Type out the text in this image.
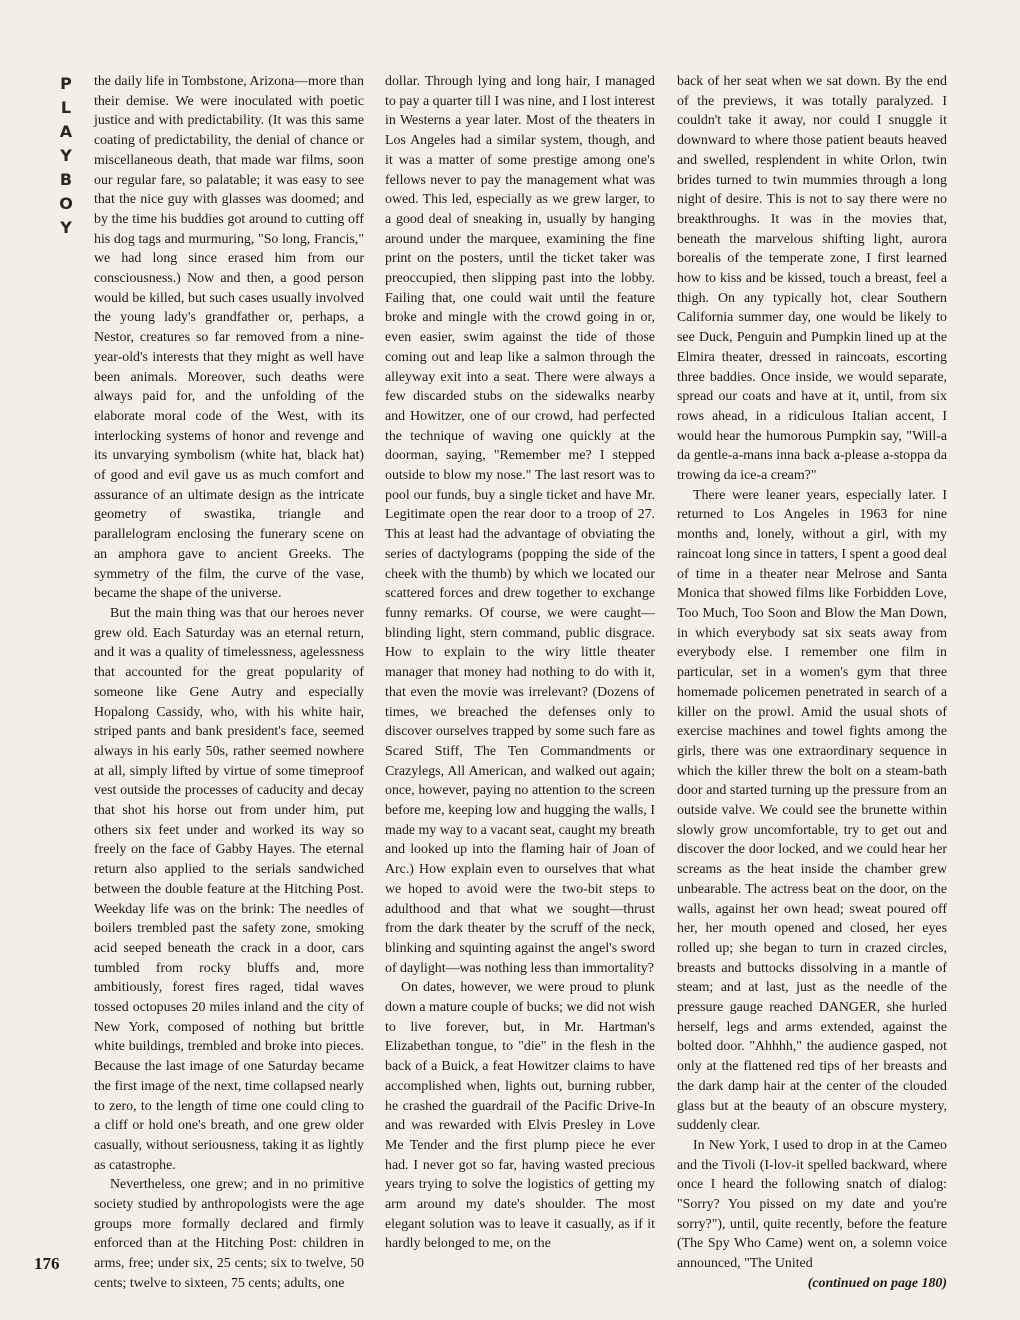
P
L
A
Y
B
O
Y
176

the daily life in Tombstone, Arizona—more than their demise. We were inoculated with poetic justice and with predictability. (It was this same coating of predictability, the denial of chance or miscellaneous death, that made war films, soon our regular fare, so palatable; it was easy to see that the nice guy with glasses was doomed; and by the time his buddies got around to cutting off his dog tags and murmuring, "So long, Francis," we had long since erased him from our consciousness.) Now and then, a good person would be killed, but such cases usually involved the young lady's grandfather or, perhaps, a Nestor, creatures so far removed from a nine-year-old's interests that they might as well have been animals. Moreover, such deaths were always paid for, and the unfolding of the elaborate moral code of the West, with its interlocking systems of honor and revenge and its unvarying symbolism (white hat, black hat) of good and evil gave us as much comfort and assurance of an ultimate design as the intricate geometry of swastika, triangle and parallelogram enclosing the funerary scene on an amphora gave to ancient Greeks. The symmetry of the film, the curve of the vase, became the shape of the universe.

But the main thing was that our heroes never grew old. Each Saturday was an eternal return, and it was a quality of timelessness, agelessness that accounted for the great popularity of someone like Gene Autry and especially Hopalong Cassidy, who, with his white hair, striped pants and bank president's face, seemed always in his early 50s, rather seemed nowhere at all, simply lifted by virtue of some timeproof vest outside the processes of caducity and decay that shot his horse out from under him, put others six feet under and worked its way so freely on the face of Gabby Hayes. The eternal return also applied to the serials sandwiched between the double feature at the Hitching Post. Weekday life was on the brink: The needles of boilers trembled past the safety zone, smoking acid seeped beneath the crack in a door, cars tumbled from rocky bluffs and, more ambitiously, forest fires raged, tidal waves tossed octopuses 20 miles inland and the city of New York, composed of nothing but brittle white buildings, trembled and broke into pieces. Because the last image of one Saturday became the first image of the next, time collapsed nearly to zero, to the length of time one could cling to a cliff or hold one's breath, and one grew older casually, without seriousness, taking it as lightly as catastrophe.

Nevertheless, one grew; and in no primitive society studied by anthropologists were the age groups more formally declared and firmly enforced than at the Hitching Post: children in arms, free; under six, 25 cents; six to twelve, 50 cents; twelve to sixteen, 75 cents; adults, one

dollar. Through lying and long hair, I managed to pay a quarter till I was nine, and I lost interest in Westerns a year later. Most of the theaters in Los Angeles had a similar system, though, and it was a matter of some prestige among one's fellows never to pay the management what was owed. This led, especially as we grew larger, to a good deal of sneaking in, usually by hanging around under the marquee, examining the fine print on the posters, until the ticket taker was preoccupied, then slipping past into the lobby. Failing that, one could wait until the feature broke and mingle with the crowd going in or, even easier, swim against the tide of those coming out and leap like a salmon through the alleyway exit into a seat. There were always a few discarded stubs on the sidewalks nearby and Howitzer, one of our crowd, had perfected the technique of waving one quickly at the doorman, saying, "Remember me? I stepped outside to blow my nose." The last resort was to pool our funds, buy a single ticket and have Mr. Legitimate open the rear door to a troop of 27. This at least had the advantage of obviating the series of dactylograms (popping the side of the cheek with the thumb) by which we located our scattered forces and drew together to exchange funny remarks. Of course, we were caught—blinding light, stern command, public disgrace. How to explain to the wiry little theater manager that money had nothing to do with it, that even the movie was irrelevant? (Dozens of times, we breached the defenses only to discover ourselves trapped by some such fare as Scared Stiff, The Ten Commandments or Crazylegs, All American, and walked out again; once, however, paying no attention to the screen before me, keeping low and hugging the walls, I made my way to a vacant seat, caught my breath and looked up into the flaming hair of Joan of Arc.) How explain even to ourselves that what we hoped to avoid were the two-bit steps to adulthood and that what we sought—thrust from the dark theater by the scruff of the neck, blinking and squinting against the angel's sword of daylight—was nothing less than immortality?

On dates, however, we were proud to plunk down a mature couple of bucks; we did not wish to live forever, but, in Mr. Hartman's Elizabethan tongue, to "die" in the flesh in the back of a Buick, a feat Howitzer claims to have accomplished when, lights out, burning rubber, he crashed the guardrail of the Pacific Drive-In and was rewarded with Elvis Presley in Love Me Tender and the first plump piece he ever had. I never got so far, having wasted precious years trying to solve the logistics of getting my arm around my date's shoulder. The most elegant solution was to leave it casually, as if it hardly belonged to me, on the

back of her seat when we sat down. By the end of the previews, it was totally paralyzed. I couldn't take it away, nor could I snuggle it downward to where those patient beauts heaved and swelled, resplendent in white Orlon, twin brides turned to twin mummies through a long night of desire. This is not to say there were no breakthroughs. It was in the movies that, beneath the marvelous shifting light, aurora borealis of the temperate zone, I first learned how to kiss and be kissed, touch a breast, feel a thigh. On any typically hot, clear Southern California summer day, one would be likely to see Duck, Penguin and Pumpkin lined up at the Elmira theater, dressed in raincoats, escorting three baddies. Once inside, we would separate, spread our coats and have at it, until, from six rows ahead, in a ridiculous Italian accent, I would hear the humorous Pumpkin say, "Will-a da gentle-a-mans inna back a-please a-stoppa da trowing da ice-a cream?"

There were leaner years, especially later. I returned to Los Angeles in 1963 for nine months and, lonely, without a girl, with my raincoat long since in tatters, I spent a good deal of time in a theater near Melrose and Santa Monica that showed films like Forbidden Love, Too Much, Too Soon and Blow the Man Down, in which everybody sat six seats away from everybody else. I remember one film in particular, set in a women's gym that three homemade policemen penetrated in search of a killer on the prowl. Amid the usual shots of exercise machines and towel fights among the girls, there was one extraordinary sequence in which the killer threw the bolt on a steam-bath door and started turning up the pressure from an outside valve. We could see the brunette within slowly grow uncomfortable, try to get out and discover the door locked, and we could hear her screams as the heat inside the chamber grew unbearable. The actress beat on the door, on the walls, against her own head; sweat poured off her, her mouth opened and closed, her eyes rolled up; she began to turn in crazed circles, breasts and buttocks dissolving in a mantle of steam; and at last, just as the needle of the pressure gauge reached DANGER, she hurled herself, legs and arms extended, against the bolted door. "Ahhhh," the audience gasped, not only at the flattened red tips of her breasts and the dark damp hair at the center of the clouded glass but at the beauty of an obscure mystery, suddenly clear.

In New York, I used to drop in at the Cameo and the Tivoli (I-lov-it spelled backward, where once I heard the following snatch of dialog: "Sorry? You pissed on my date and you're sorry?"), until, quite recently, before the feature (The Spy Who Came) went on, a solemn voice announced, "The United

(continued on page 180)
